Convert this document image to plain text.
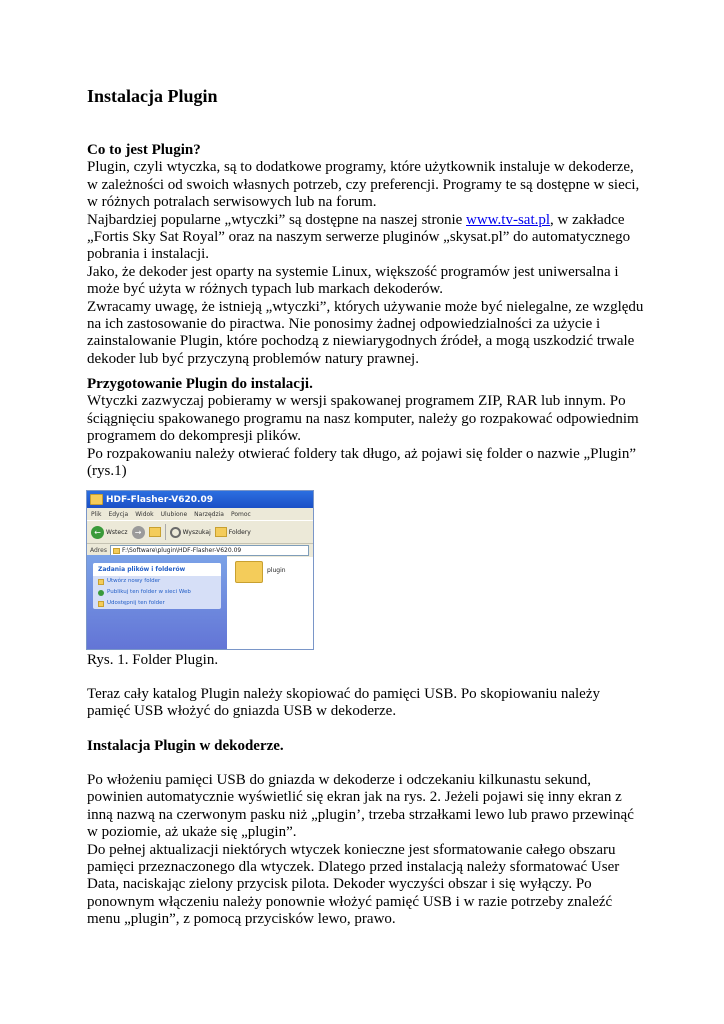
Instalacja Plugin

Co to jest Plugin?

Plugin, czyli wtyczka, są to dodatkowe programy, które użytkownik instaluje w dekoderze, w zależności od swoich własnych potrzeb, czy preferencji. Programy te są dostępne w sieci, w różnych potralach serwisowych lub na forum.

Najbardziej popularne „wtyczki” są dostępne na naszej stronie www.tv-sat.pl, w zakładce „Fortis Sky Sat Royal” oraz na naszym serwerze pluginów „skysat.pl” do automatycznego pobrania i instalacji.

Jako, że dekoder jest oparty na systemie Linux, większość programów jest uniwersalna i może być użyta w różnych typach lub markach dekoderów.

Zwracamy uwagę, że istnieją „wtyczki”, których używanie może być nielegalne, ze względu na ich zastosowanie do piractwa. Nie ponosimy żadnej odpowiedzialności za użycie i zainstalowanie Plugin, które pochodzą z niewiarygodnych źródeł, a mogą uszkodzić trwale dekoder lub być przyczyną problemów natury prawnej.

Przygotowanie Plugin do instalacji.

Wtyczki zazwyczaj pobieramy w wersji spakowanej programem ZIP, RAR lub innym. Po ściągnięciu spakowanego programu na nasz komputer, należy go rozpakować odpowiednim programem do dekompresji plików.

Po rozpakowaniu należy otwierać foldery tak długo, aż pojawi się folder o nazwie „Plugin” (rys.1)

HDF-Flasher-V620.09
Plik Edycja Widok Ulubione Narzędzia Pomoc
← Wstecz →	Wyszukaj	Foldery
Adres	F:\Software\plugin\HDF-Flasher-V620.09
Zadania plików i folderów
Utwórz nowy folder
Publikuj ten folder w sieci Web
Udostępnij ten folder
plugin
Rys. 1. Folder Plugin.
Teraz cały katalog Plugin należy skopiować do pamięci USB. Po skopiowaniu należy pamięć USB włożyć do gniazda USB w dekoderze.

Instalacja Plugin w dekoderze.

Po włożeniu pamięci USB do gniazda w dekoderze i odczekaniu kilkunastu sekund, powinien automatycznie wyświetlić się ekran jak na rys. 2. Jeżeli pojawi się inny ekran z inną nazwą na czerwonym pasku niż „plugin’, trzeba strzałkami lewo lub prawo przewinąć w poziomie, aż ukaże się „plugin”.

Do pełnej aktualizacji niektórych wtyczek konieczne jest sformatowanie całego obszaru pamięci przeznaczonego dla wtyczek. Dlatego przed instalacją należy sformatować User Data, naciskając zielony przycisk pilota. Dekoder wyczyści obszar i się wyłączy. Po ponownym włączeniu należy ponownie włożyć pamięć USB i w razie potrzeby znaleźć menu „plugin”, z pomocą przycisków lewo, prawo.
